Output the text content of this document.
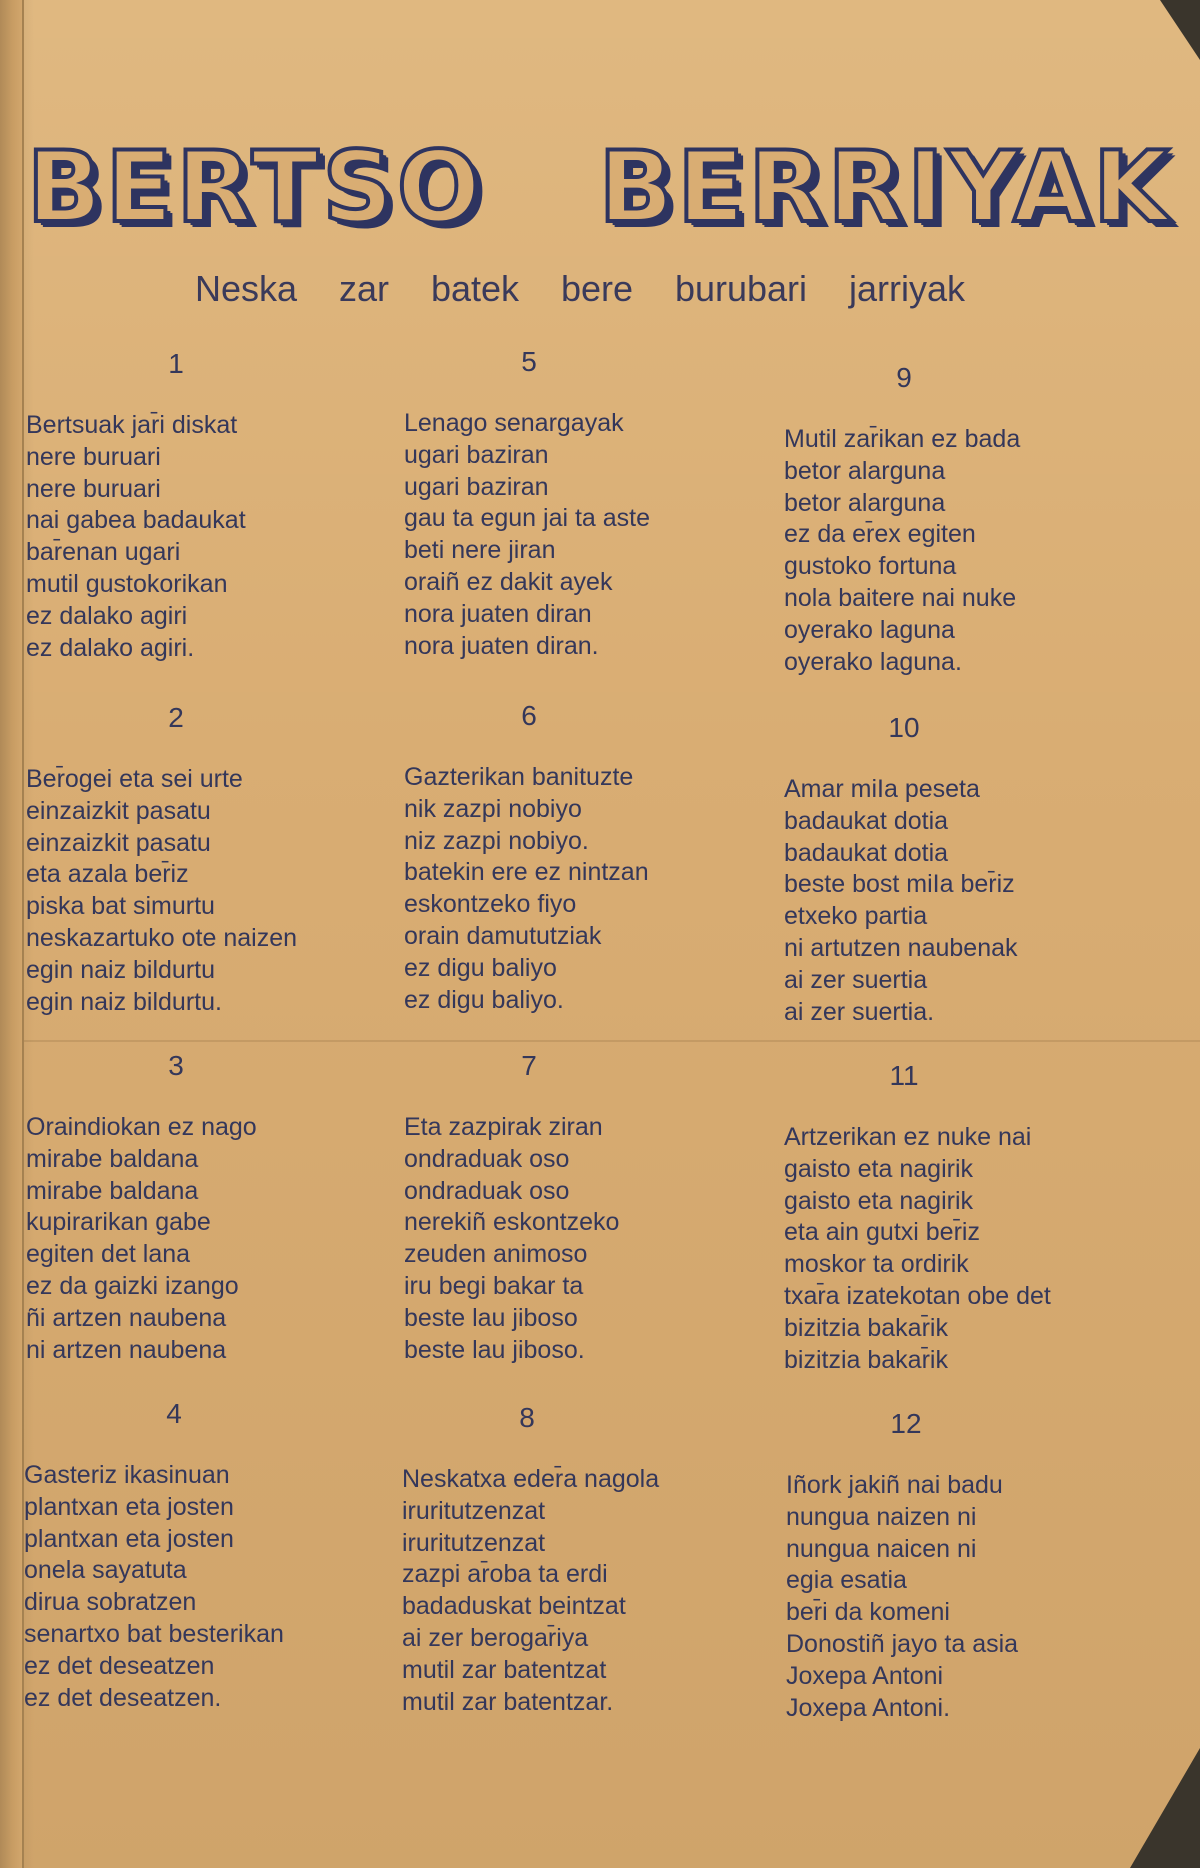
BERTSO   BERRIYAK
Neska zar batek bere burubari jarriyak
1
Bertsuak jar̄i diskat
nere buruari
nere buruari
nai gabea badaukat
bar̄enan ugari
mutil gustokorikan
ez dalako agiri
ez dalako agiri.
2
Ber̄ogei eta sei urte
einzaizkit pasatu
einzaizkit pasatu
eta azala ber̄iz
piska bat simurtu
neskazartuko ote naizen
egin naiz bildurtu
egin naiz bildurtu.
3
Oraindiokan ez nago
mirabe baldana
mirabe baldana
kupirarikan gabe
egiten det lana
ez da gaizki izango
ñi artzen naubena
ni artzen naubena
4
Gasteriz ikasinuan
plantxan eta josten
plantxan eta josten
onela sayatuta
dirua sobratzen
senartxo bat besterikan
ez det deseatzen
ez det deseatzen.
5
Lenago senargayak
ugari baziran
ugari baziran
gau ta egun jai ta aste
beti nere jiran
oraiñ ez dakit ayek
nora juaten diran
nora juaten diran.
6
Gazterikan banituzte
nik zazpi nobiyo
niz zazpi nobiyo.
batekin ere ez nintzan
eskontzeko fiyo
orain damututziak
ez digu baliyo
ez digu baliyo.
7
Eta zazpirak ziran
ondraduak oso
ondraduak oso
nerekiñ eskontzeko
zeuden animoso
iru begi bakar ta
beste lau jiboso
beste lau jiboso.
8
Neskatxa eder̄a nagola
iruritutzenzat
iruritutzenzat
zazpi ar̄oba ta erdi
badaduskat beintzat
ai zer berogar̄iya
mutil zar batentzat
mutil zar batentzar.
9
Mutil zar̄ikan ez bada
betor alarguna
betor alarguna
ez da er̄ex egiten
gustoko fortuna
nola baitere nai nuke
oyerako laguna
oyerako laguna.
10
Amar miIa peseta
badaukat dotia
badaukat dotia
beste bost miIa ber̄iz
etxeko partia
ni artutzen naubenak
ai zer suertia
ai zer suertia.
11
Artzerikan ez nuke nai
gaisto eta nagirik
gaisto eta nagirik
eta ain gutxi ber̄iz
moskor ta ordirik
txar̄a izatekotan obe det
bizitzia bakar̄ik
bizitzia bakar̄ik
12
Iñork jakiñ nai badu
nungua naizen ni
nungua naicen ni
egia esatia
ber̄i da komeni
Donostiñ jayo ta asia
Joxepa Antoni
Joxepa Antoni.
